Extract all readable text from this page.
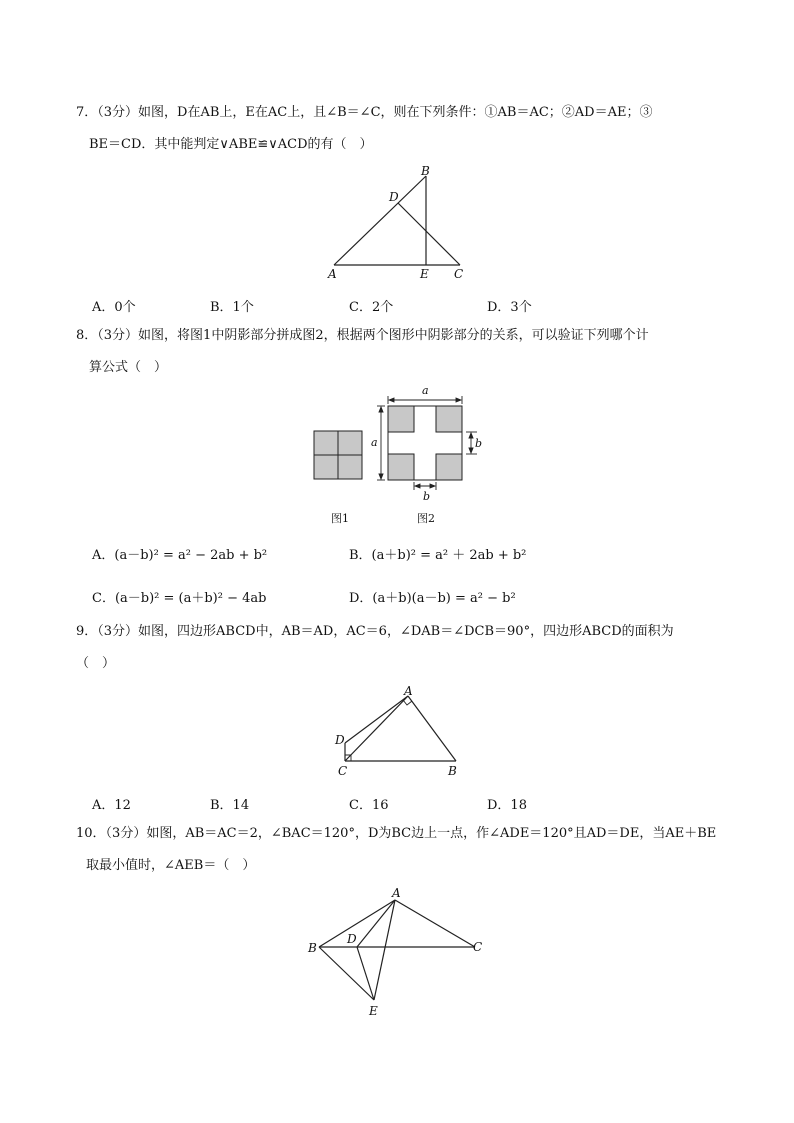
7．（3分）如图，D在AB上，E在AC上，且∠B＝∠C，则在下列条件：①AB＝AC；②AD＝AE；③
BE＝CD．其中能判定∨ABE≌∨ACD的有（　）
A
B
C
D
E
A．0个	B．1个	C．2个	D．3个
8．（3分）如图，将图1中阴影部分拼成图2，根据两个图形中阴影部分的关系，可以验证下列哪个计
算公式（　）
a
a	b
b
图1	图2
A．(a－b)² = a² − 2ab + b²	B．(a＋b)² = a² ＋ 2ab + b²
C．(a－b)² = (a＋b)² − 4ab	D．(a＋b)(a－b) = a² − b²
9．（3分）如图，四边形ABCD中，AB＝AD，AC＝6，∠DAB＝∠DCB＝90°，四边形ABCD的面积为
（　）
A
B
C
D
A．12	B．14	C．16	D．18
10．（3分）如图，AB＝AC＝2，∠BAC＝120°，D为BC边上一点，作∠ADE＝120°且AD＝DE，当AE＋BE
取最小值时，∠AEB＝（　）
A
B	C
D
E
